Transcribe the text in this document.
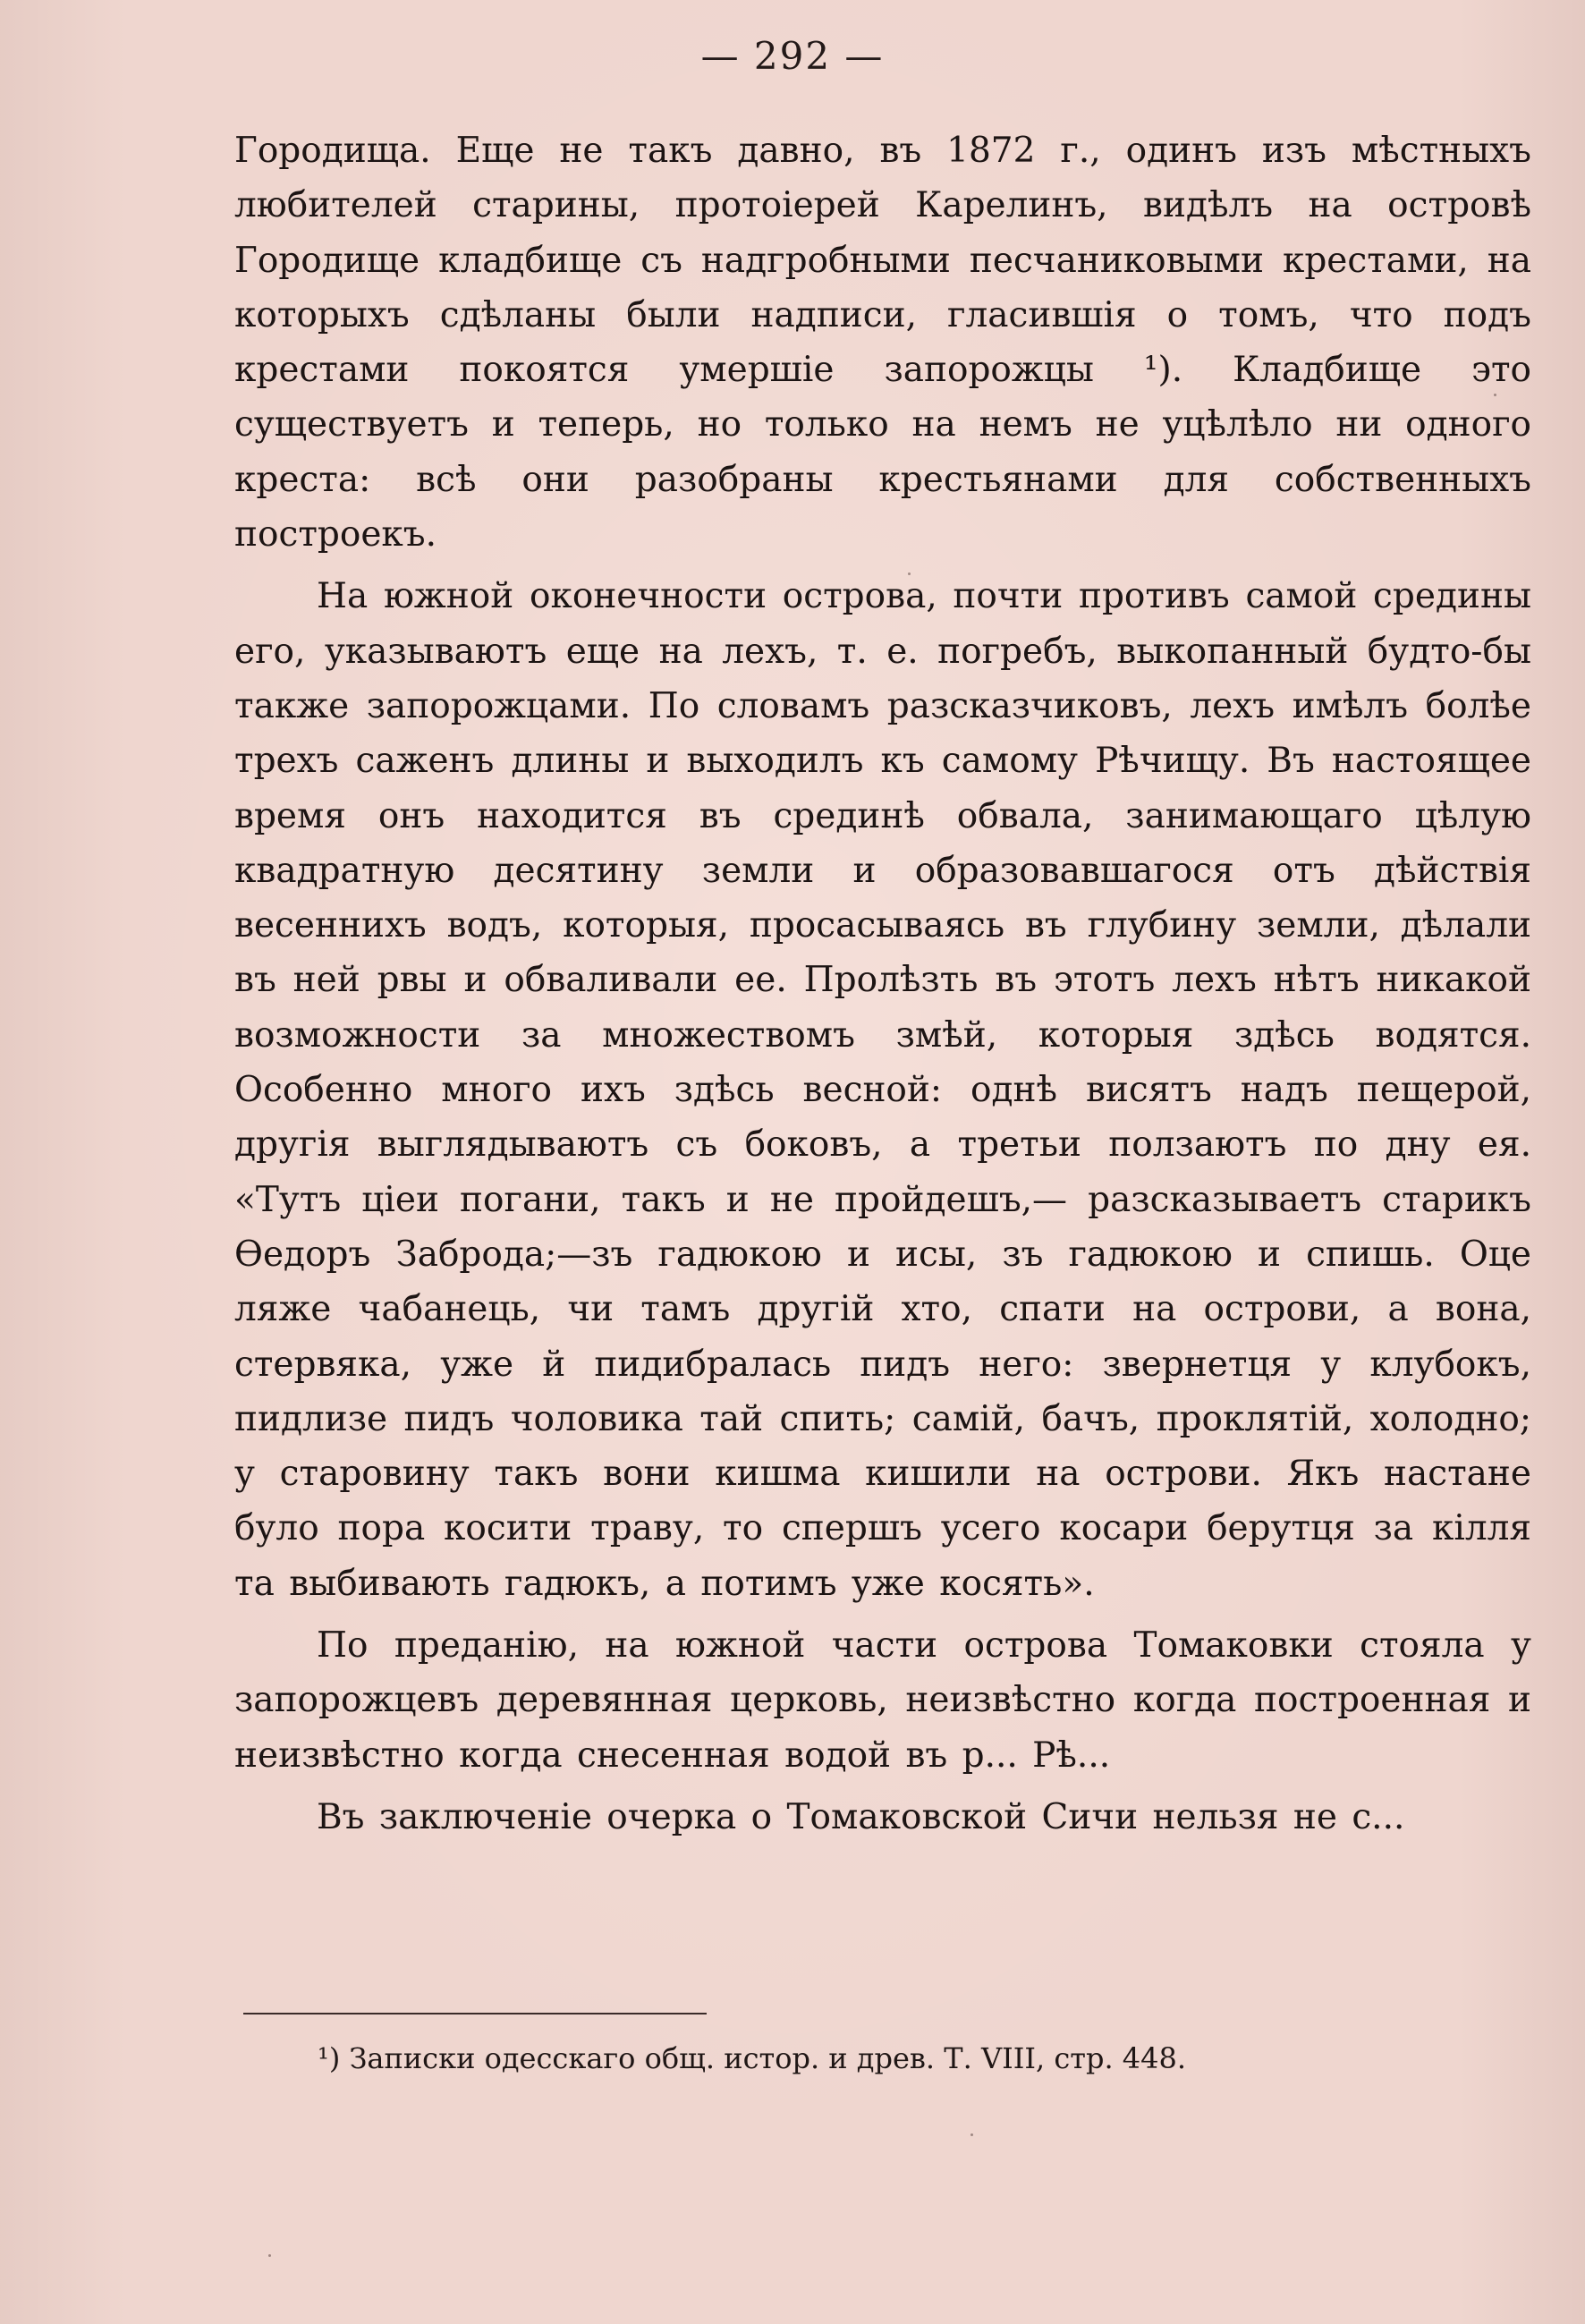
— 292 —

Городища. Еще не такъ давно, въ 1872 г., одинъ изъ мѣстныхъ любителей старины, протоіерей Карелинъ, видѣлъ на островѣ Городище кладбище съ надгробными песчаниковыми крестами, на которыхъ сдѣланы были надписи, гласившія о томъ, что подъ крестами покоятся умершіе запорожцы ¹). Кладбище это существуетъ и теперь, но только на немъ не уцѣлѣло ни одного креста: всѣ они разобраны крестьянами для собственныхъ построекъ.

На южной оконечности острова, почти противъ самой средины его, указываютъ еще на лехъ, т. е. погребъ, выкопанный будто-бы также запорожцами. По словамъ разсказчиковъ, лехъ имѣлъ болѣе трехъ саженъ длины и выходилъ къ самому Рѣчищу. Въ настоящее время онъ находится въ срединѣ обвала, занимающаго цѣлую квадратную десятину земли и образовавшагося отъ дѣйствія весеннихъ водъ, которыя, просасываясь въ глубину земли, дѣлали въ ней рвы и обваливали ее. Пролѣзть въ этотъ лехъ нѣтъ никакой возможности за множествомъ змѣй, которыя здѣсь водятся. Особенно много ихъ здѣсь весной: однѣ висятъ надъ пещерой, другія выглядываютъ съ боковъ, а третьи ползаютъ по дну ея. «Тутъ ціеи погани, такъ и не пройдешъ,— разсказываетъ старикъ Ѳедоръ Заброда;—зъ гадюкою и исы, зъ гадюкою и спишь. Оце ляже чабанець, чи тамъ другій хто, спати на острови, а вона, стервяка, уже й пидибралась пидъ него: звернетця у клубокъ, пидлизе пидъ чоловика тай спить; самій, бачъ, проклятій, холодно; у старовину такъ вони кишма кишили на острови. Якъ настане було пора косити траву, то спершъ усего косари берутця за кілля та выбивають гадюкъ, а потимъ уже косять».

По преданію, на южной части острова Томаковки стояла у запорожцевъ деревянная церковь, неизвѣстно когда построенная и неизвѣстно когда снесенная водой въ р... Рѣ...

Въ заключеніе очерка о Томаковской Сичи нельзя не с...

¹) Записки одесскаго общ. истор. и древ. Т. VIII, стр. 448.
